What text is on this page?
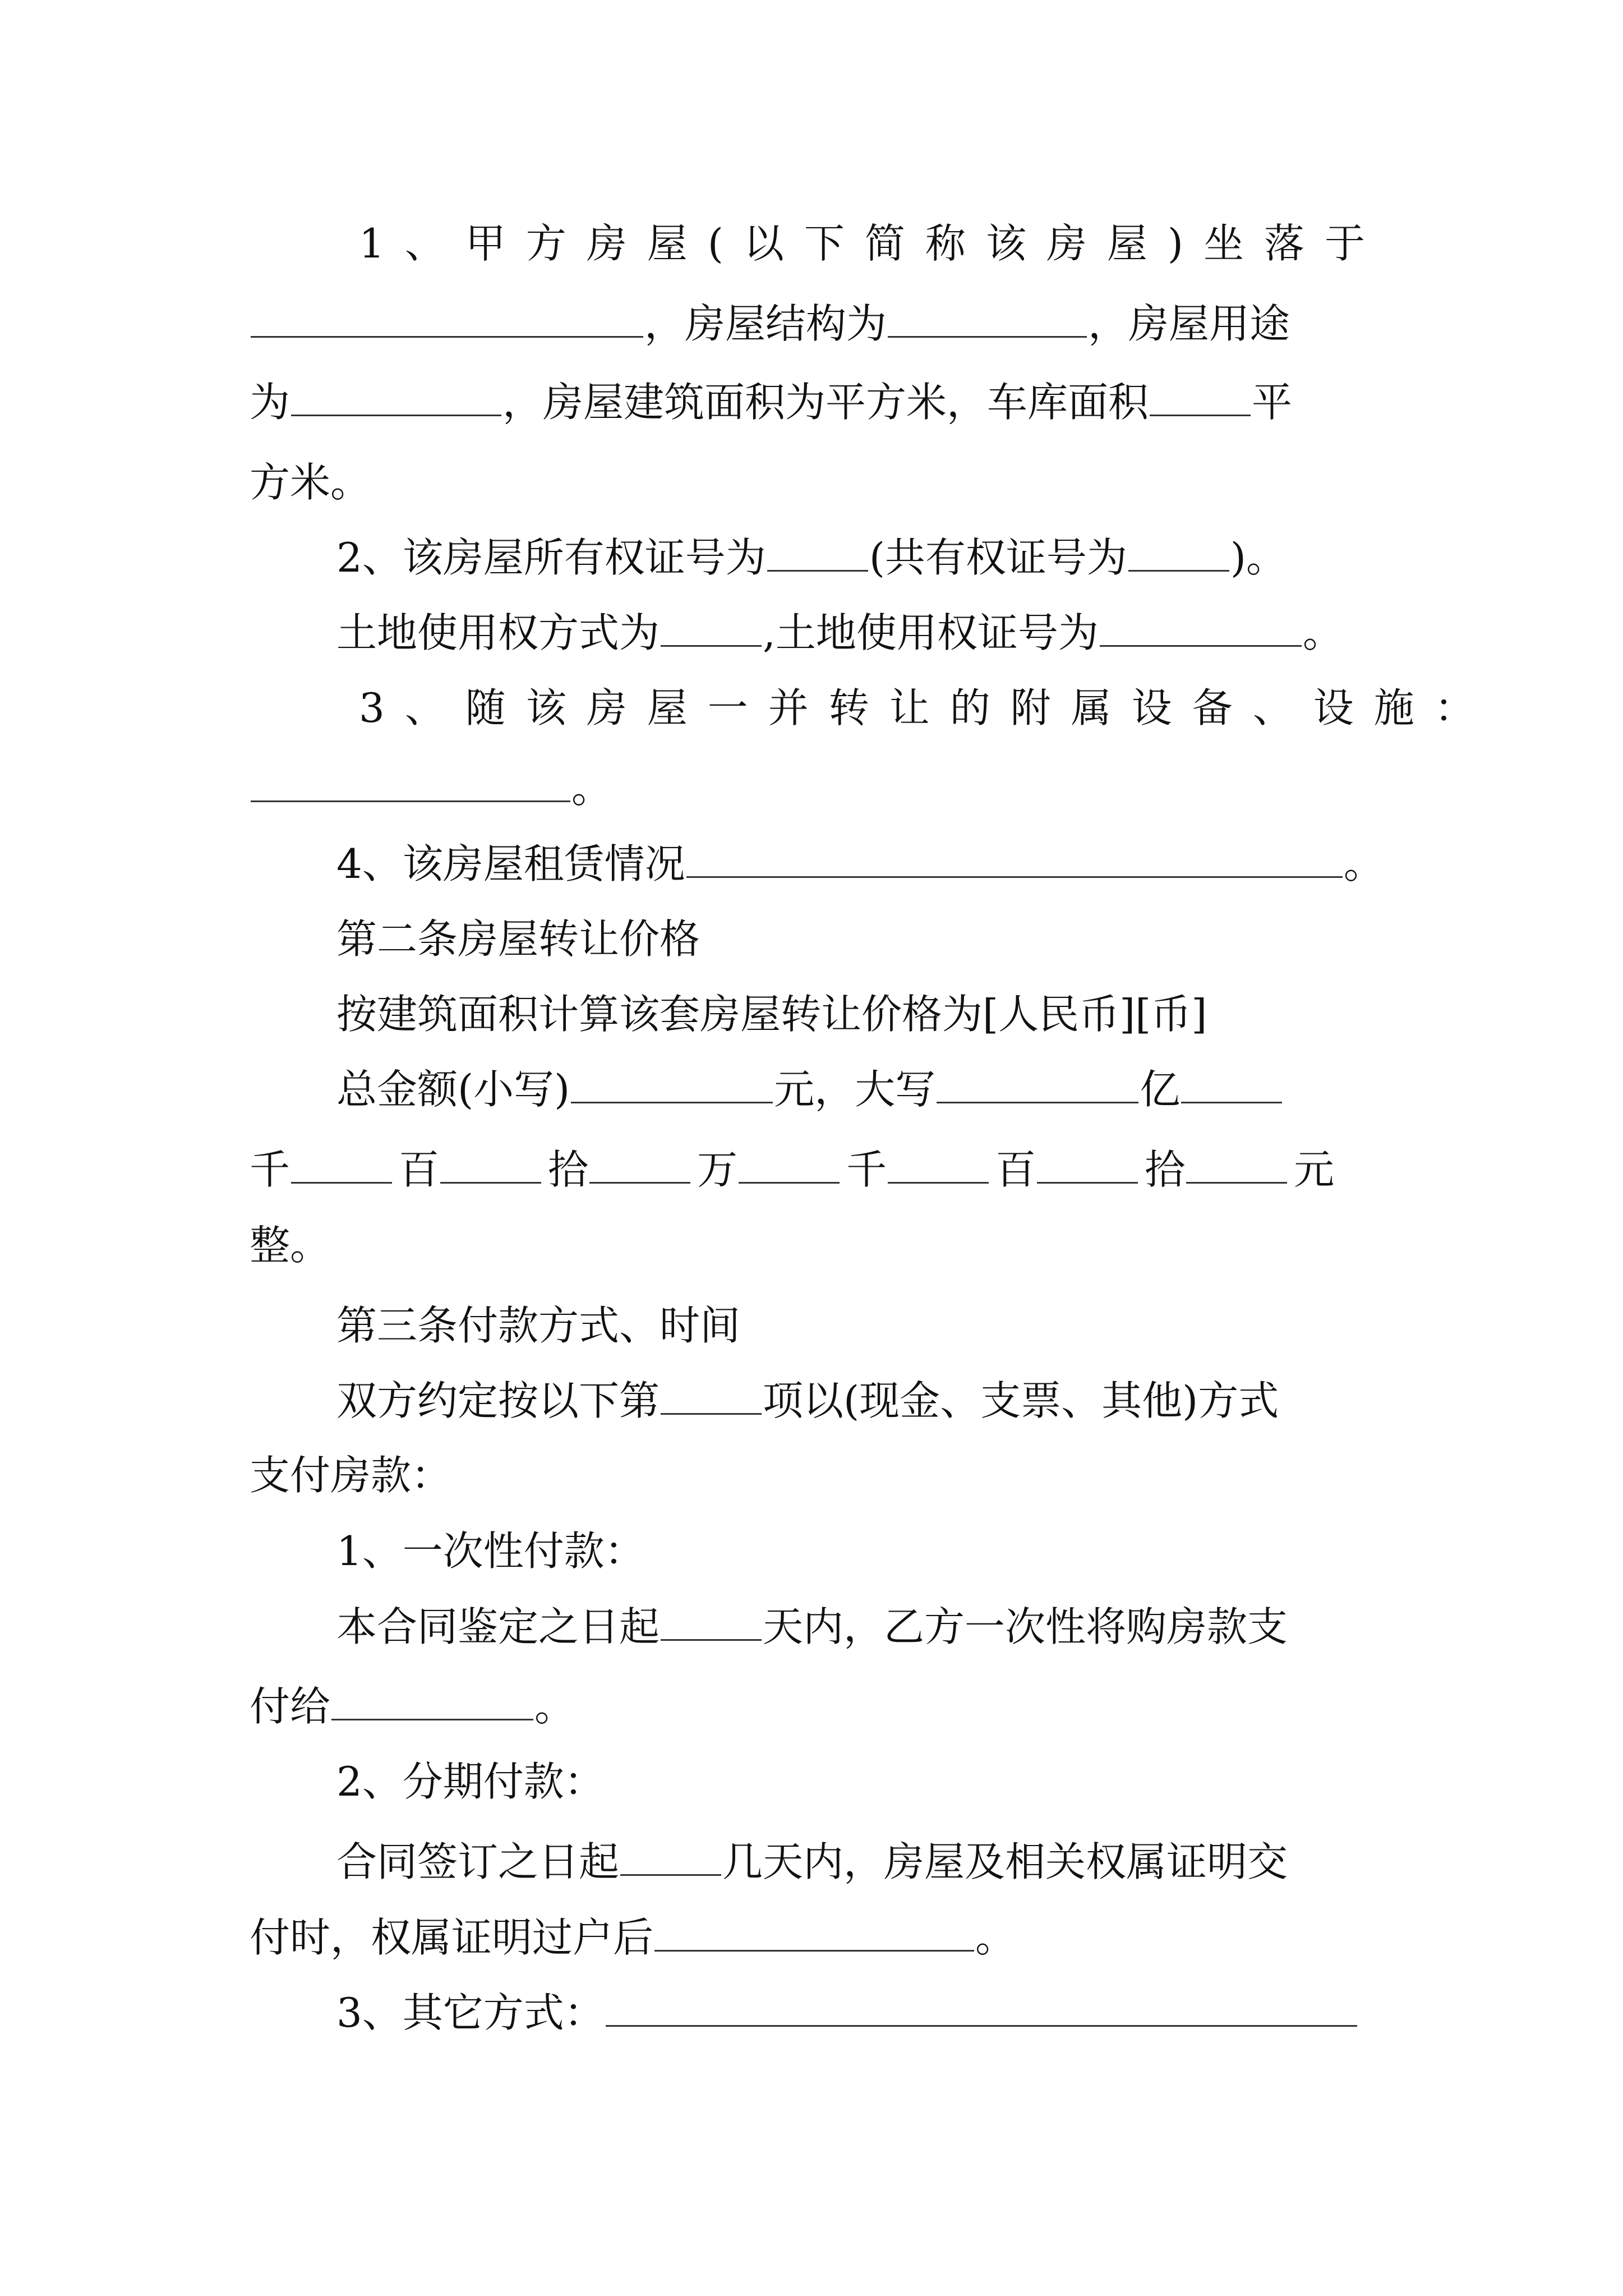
1、甲方房屋(以下简称该房屋)坐落于
，房屋结构为	，房屋用途
为	，房屋建筑面积为平方米，车库面积	平
方米。
2、该房屋所有权证号为	(共有权证号为	)。
土地使用权方式为	,土地使用权证号为	。
3、随该房屋一并转让的附属设备、设施：
。
4、该房屋租赁情况	。
第二条房屋转让价格
按建筑面积计算该套房屋转让价格为[人民币][币]
总金额(小写)	元，大写	亿
千	百	拾	万	千	百	拾	元
整。
第三条付款方式、时间
双方约定按以下第	项以(现金、支票、其他)方式
支付房款：
1、一次性付款：
本合同鉴定之日起	天内，乙方一次性将购房款支
付给	。
2、分期付款：
合同签订之日起	几天内，房屋及相关权属证明交
付时，权属证明过户后	。
3、其它方式：
